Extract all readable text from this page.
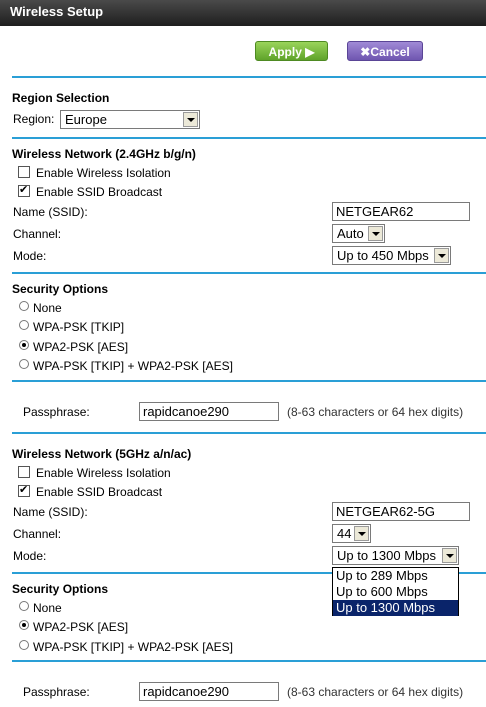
Wireless Setup
Apply ▶	✖Cancel
Region Selection
Region: Europe
Wireless Network (2.4GHz b/g/n)
Enable Wireless Isolation
✔
Enable SSID Broadcast
Name (SSID):	NETGEAR62
Channel:	Auto
Mode:	Up to 450 Mbps
Security Options
None
WPA-PSK [TKIP]
WPA2-PSK [AES]
WPA-PSK [TKIP] + WPA2-PSK [AES]
Passphrase:	rapidcanoe290	(8-63 characters or 64 hex digits)
Wireless Network (5GHz a/n/ac)
Enable Wireless Isolation
✔
Enable SSID Broadcast
Name (SSID):	NETGEAR62-5G
Channel:	44
Mode:	Up to 1300 Mbps
Security Options
None
WPA2-PSK [AES]
WPA-PSK [TKIP] + WPA2-PSK [AES]
Passphrase:	rapidcanoe290	(8-63 characters or 64 hex digits)
Up to 289 Mbps
Up to 600 Mbps
Up to 1300 Mbps
